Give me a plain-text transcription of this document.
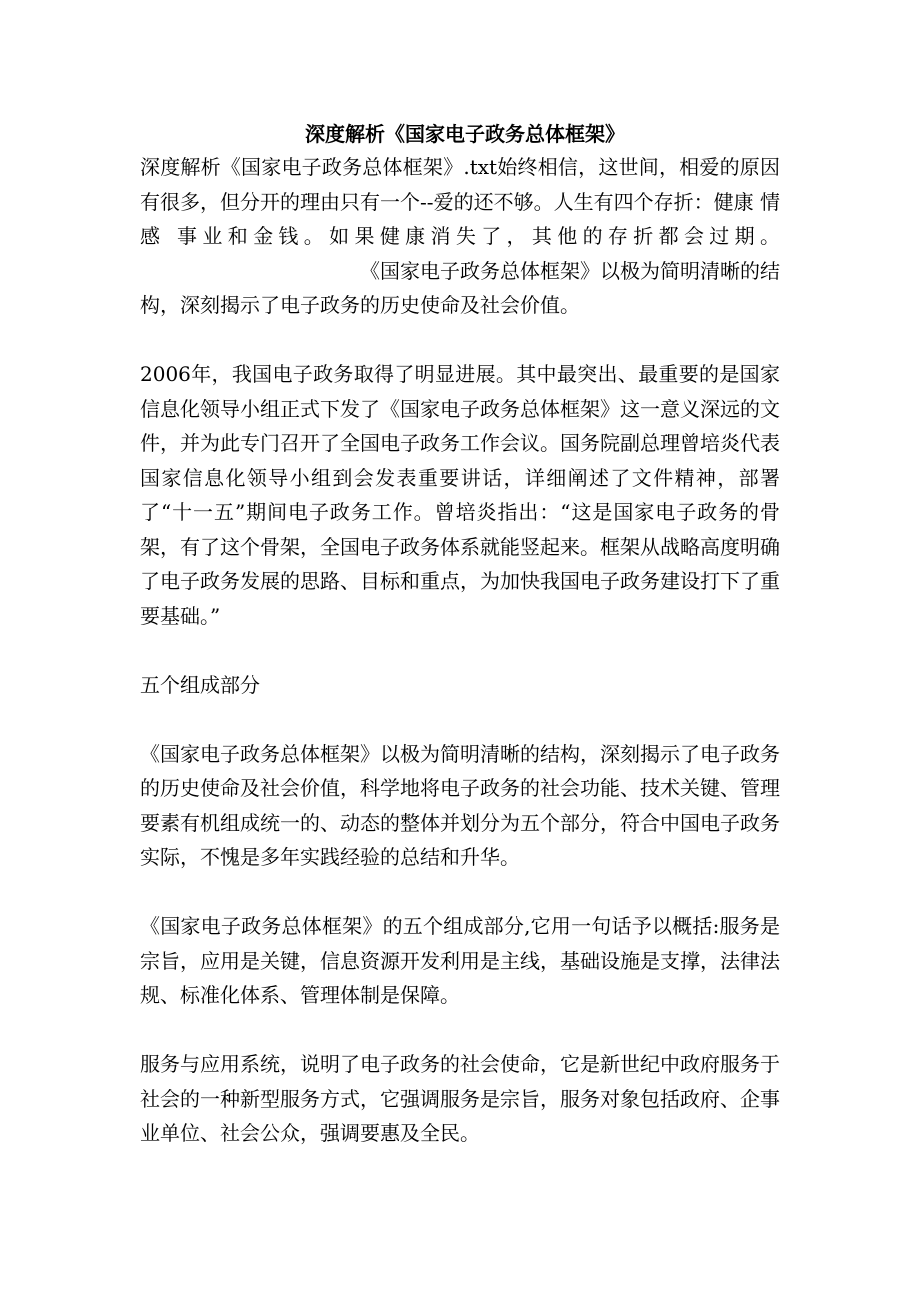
深度解析《国家电子政务总体框架》

深度解析《国家电子政务总体框架》.txt始终相信，这世间，相爱的原因有很多，但分开的理由只有一个--爱的还不够。人生有四个存折：健康 情感 事业和金钱。如果健康消失了，其他的存折都会过期。《国家电子政务总体框架》以极为简明清晰的结构，深刻揭示了电子政务的历史使命及社会价值。

2006年，我国电子政务取得了明显进展。其中最突出、最重要的是国家信息化领导小组正式下发了《国家电子政务总体框架》这一意义深远的文件，并为此专门召开了全国电子政务工作会议。国务院副总理曾培炎代表国家信息化领导小组到会发表重要讲话，详细阐述了文件精神，部署了“十一五”期间电子政务工作。曾培炎指出：“这是国家电子政务的骨架，有了这个骨架，全国电子政务体系就能竖起来。框架从战略高度明确了电子政务发展的思路、目标和重点，为加快我国电子政务建设打下了重要基础。”

五个组成部分

《国家电子政务总体框架》以极为简明清晰的结构，深刻揭示了电子政务的历史使命及社会价值，科学地将电子政务的社会功能、技术关键、管理要素有机组成统一的、动态的整体并划分为五个部分，符合中国电子政务实际，不愧是多年实践经验的总结和升华。

《国家电子政务总体框架》的五个组成部分,它用一句话予以概括:服务是宗旨，应用是关键，信息资源开发利用是主线，基础设施是支撑，法律法规、标准化体系、管理体制是保障。

服务与应用系统，说明了电子政务的社会使命，它是新世纪中政府服务于社会的一种新型服务方式，它强调服务是宗旨，服务对象包括政府、企事业单位、社会公众，强调要惠及全民。
